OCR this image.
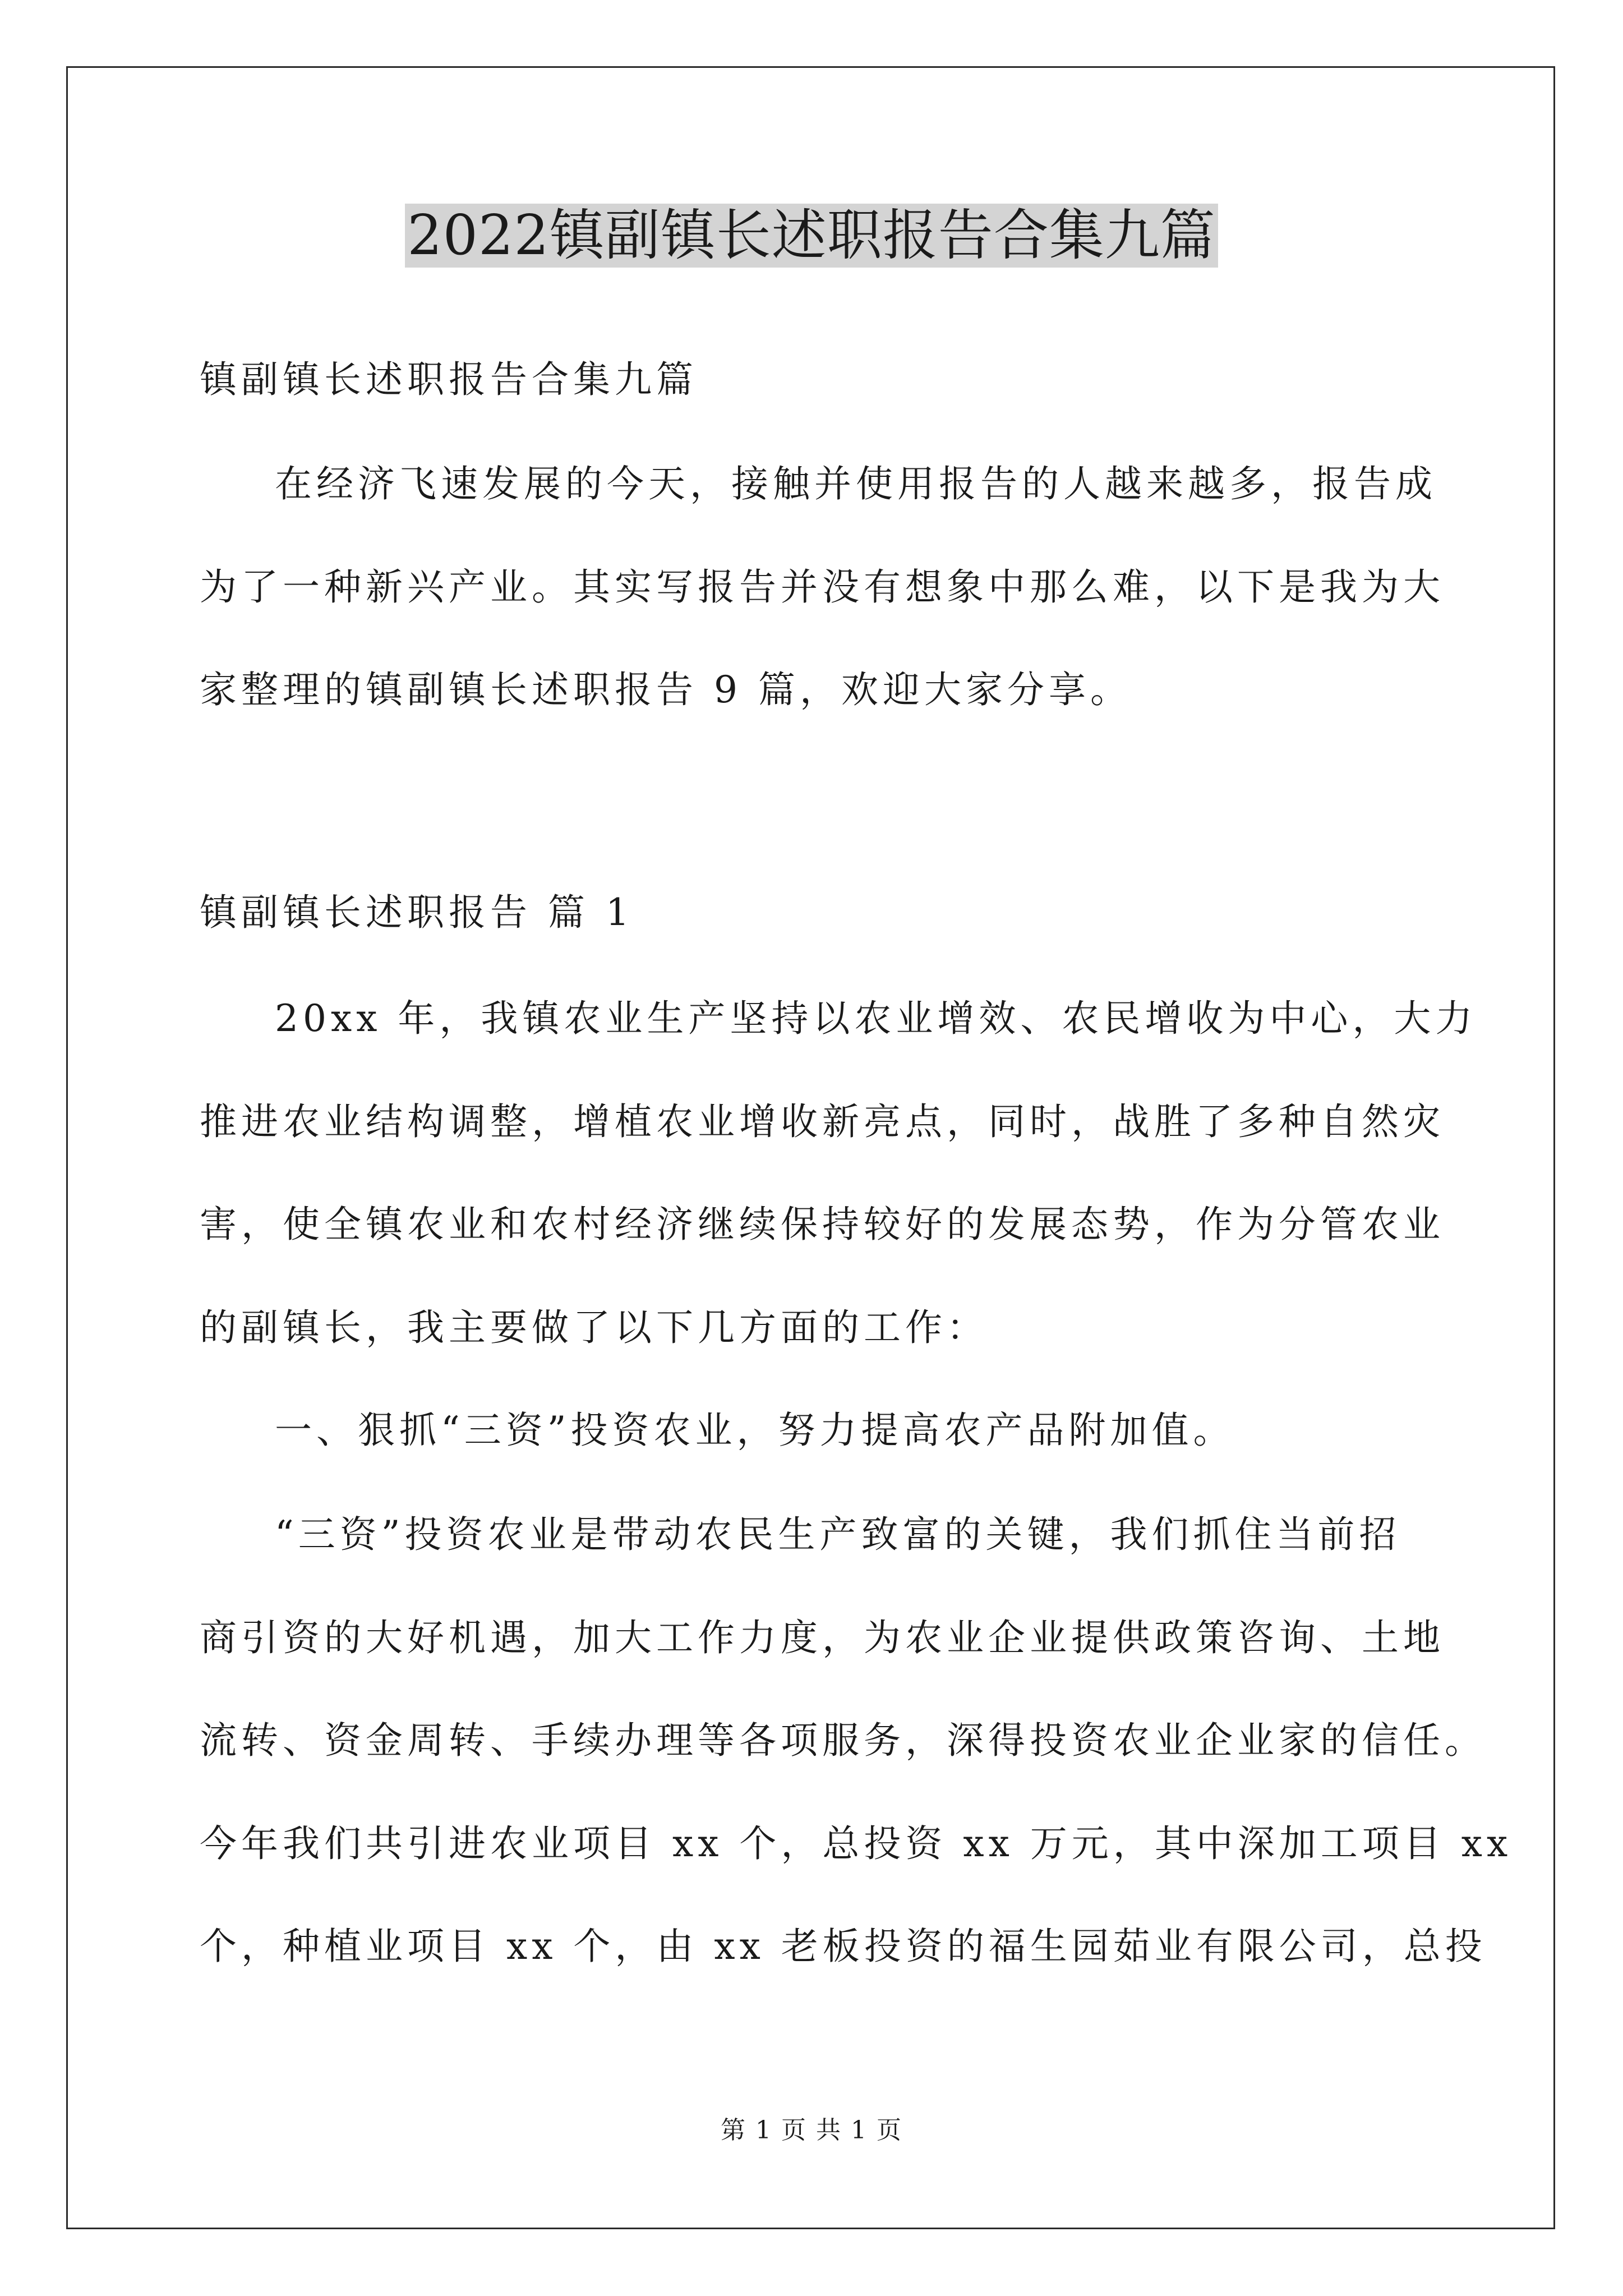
2022镇副镇长述职报告合集九篇
镇副镇长述职报告合集九篇
在经济飞速发展的今天，接触并使用报告的人越来越多，报告成
为了一种新兴产业。其实写报告并没有想象中那么难，以下是我为大
家整理的镇副镇长述职报告 9 篇，欢迎大家分享。
镇副镇长述职报告 篇 1
20xx 年，我镇农业生产坚持以农业增效、农民增收为中心，大力
推进农业结构调整，增植农业增收新亮点，同时，战胜了多种自然灾
害，使全镇农业和农村经济继续保持较好的发展态势，作为分管农业
的副镇长，我主要做了以下几方面的工作：
一、狠抓“三资”投资农业，努力提高农产品附加值。
“三资”投资农业是带动农民生产致富的关键，我们抓住当前招
商引资的大好机遇，加大工作力度，为农业企业提供政策咨询、土地
流转、资金周转、手续办理等各项服务，深得投资农业企业家的信任。
今年我们共引进农业项目 xx 个，总投资 xx 万元，其中深加工项目 xx
个，种植业项目 xx 个，由 xx 老板投资的福生园茹业有限公司，总投
第 1 页 共 1 页
